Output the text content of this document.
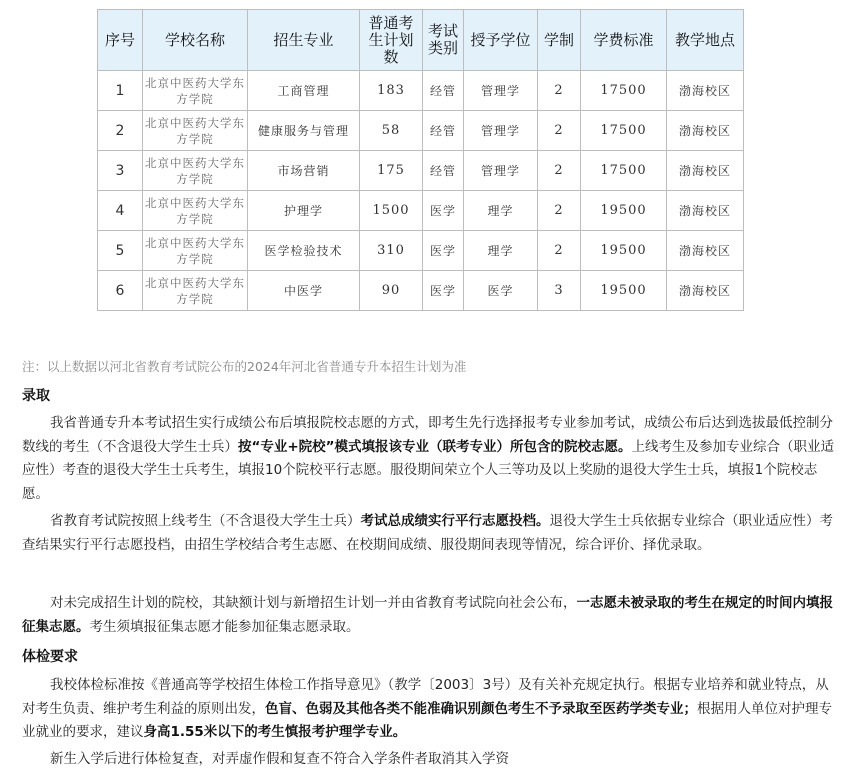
序号	学校名称	招生专业	普通考生计划数	考试类别	授予学位	学制	学费标准	教学地点
1	北京中医药大学东方学院	工商管理	183	经管	管理学	2	17500	渤海校区
2	北京中医药大学东方学院	健康服务与管理	58	经管	管理学	2	17500	渤海校区
3	北京中医药大学东方学院	市场营销	175	经管	管理学	2	17500	渤海校区
4	北京中医药大学东方学院	护理学	1500	医学	理学	2	19500	渤海校区
5	北京中医药大学东方学院	医学检验技术	310	医学	理学	2	19500	渤海校区
6	北京中医药大学东方学院	中医学	90	医学	医学	3	19500	渤海校区
注：以上数据以河北省教育考试院公布的2024年河北省普通专升本招生计划为准
录取

我省普通专升本考试招生实行成绩公布后填报院校志愿的方式，即考生先行选择报考专业参加考试，成绩公布后达到选拔最低控制分数线的考生（不含退役大学生士兵）按“专业+院校”模式填报该专业（联考专业）所包含的院校志愿。上线考生及参加专业综合（职业适应性）考查的退役大学生士兵考生，填报10个院校平行志愿。服役期间荣立个人三等功及以上奖励的退役大学生士兵，填报1个院校志愿。

省教育考试院按照上线考生（不含退役大学生士兵）考试总成绩实行平行志愿投档。退役大学生士兵依据专业综合（职业适应性）考查结果实行平行志愿投档，由招生学校结合考生志愿、在校期间成绩、服役期间表现等情况，综合评价、择优录取。

对未完成招生计划的院校，其缺额计划与新增招生计划一并由省教育考试院向社会公布，一志愿未被录取的考生在规定的时间内填报征集志愿。考生须填报征集志愿才能参加征集志愿录取。

体检要求

我校体检标准按《普通高等学校招生体检工作指导意见》（教学〔2003〕3号）及有关补充规定执行。根据专业培养和就业特点，从对考生负责、维护考生利益的原则出发，色盲、色弱及其他各类不能准确识别颜色考生不予录取至医药学类专业；根据用人单位对护理专业就业的要求，建议身高1.55米以下的考生慎报考护理学专业。

新生入学后进行体检复查，对弄虚作假和复查不符合入学条件者取消其入学资
